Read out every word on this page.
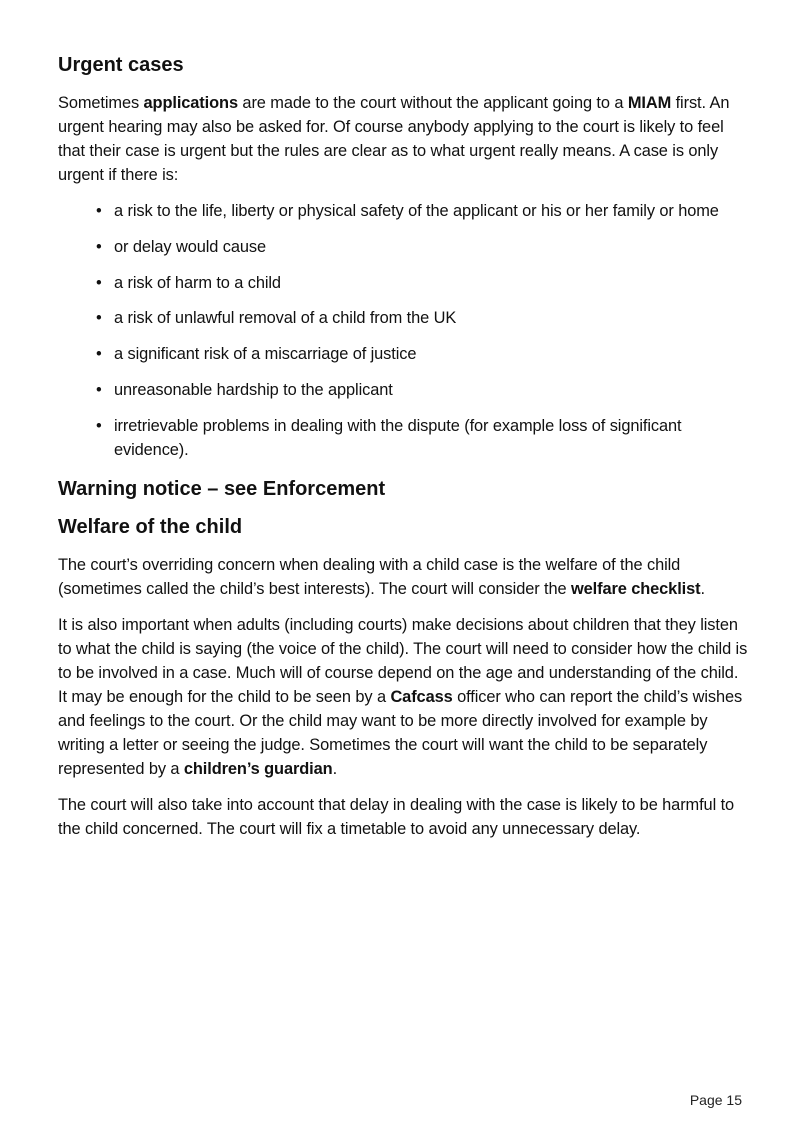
Urgent cases

Sometimes applications are made to the court without the applicant going to a MIAM first. An urgent hearing may also be asked for. Of course anybody applying to the court is likely to feel that their case is urgent but the rules are clear as to what urgent really means. A case is only urgent if there is:

• a risk to the life, liberty or physical safety of the applicant or his or her family or home
• or delay would cause
• a risk of harm to a child
• a risk of unlawful removal of a child from the UK
• a significant risk of a miscarriage of justice
• unreasonable hardship to the applicant
• irretrievable problems in dealing with the dispute (for example loss of significant evidence).
Warning notice – see Enforcement
Welfare of the child

The court’s overriding concern when dealing with a child case is the welfare of the child (sometimes called the child’s best interests). The court will consider the welfare checklist.

It is also important when adults (including courts) make decisions about children that they listen to what the child is saying (the voice of the child). The court will need to consider how the child is to be involved in a case. Much will of course depend on the age and understanding of the child. It may be enough for the child to be seen by a Cafcass officer who can report the child’s wishes and feelings to the court. Or the child may want to be more directly involved for example by writing a letter or seeing the judge. Sometimes the court will want the child to be separately represented by a children’s guardian.

The court will also take into account that delay in dealing with the case is likely to be harmful to the child concerned. The court will fix a timetable to avoid any unnecessary delay.

Page 15
